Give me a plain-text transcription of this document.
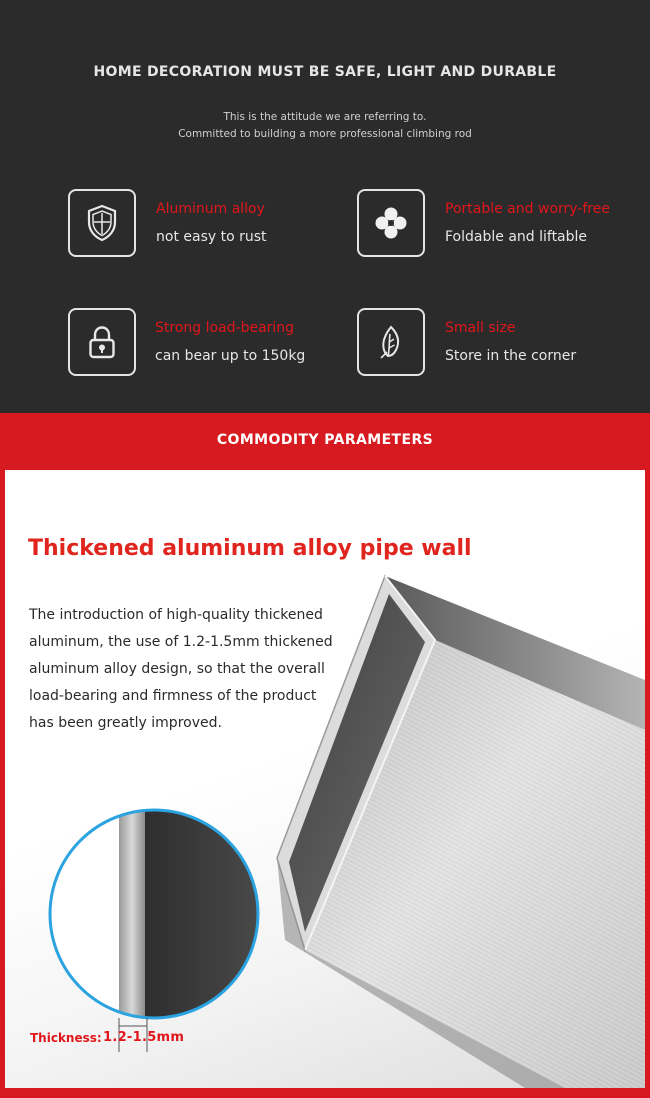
HOME DECORATION MUST BE SAFE, LIGHT AND DURABLE

This is the attitude we are referring to.

Committed to building a more professional climbing rod

Aluminum alloy
not easy to rust
Portable and worry-free
Foldable and liftable
Strong load-bearing
can bear up to 150kg
Small size
Store in the corner
COMMODITY PARAMETERS
Thickened aluminum alloy pipe wall
The introduction of high-quality thickened
aluminum, the use of 1.2-1.5mm thickened
aluminum alloy design, so that the overall
load-bearing and firmness of the product
has been greatly improved.
Thickness: 1.2-1.5mm
